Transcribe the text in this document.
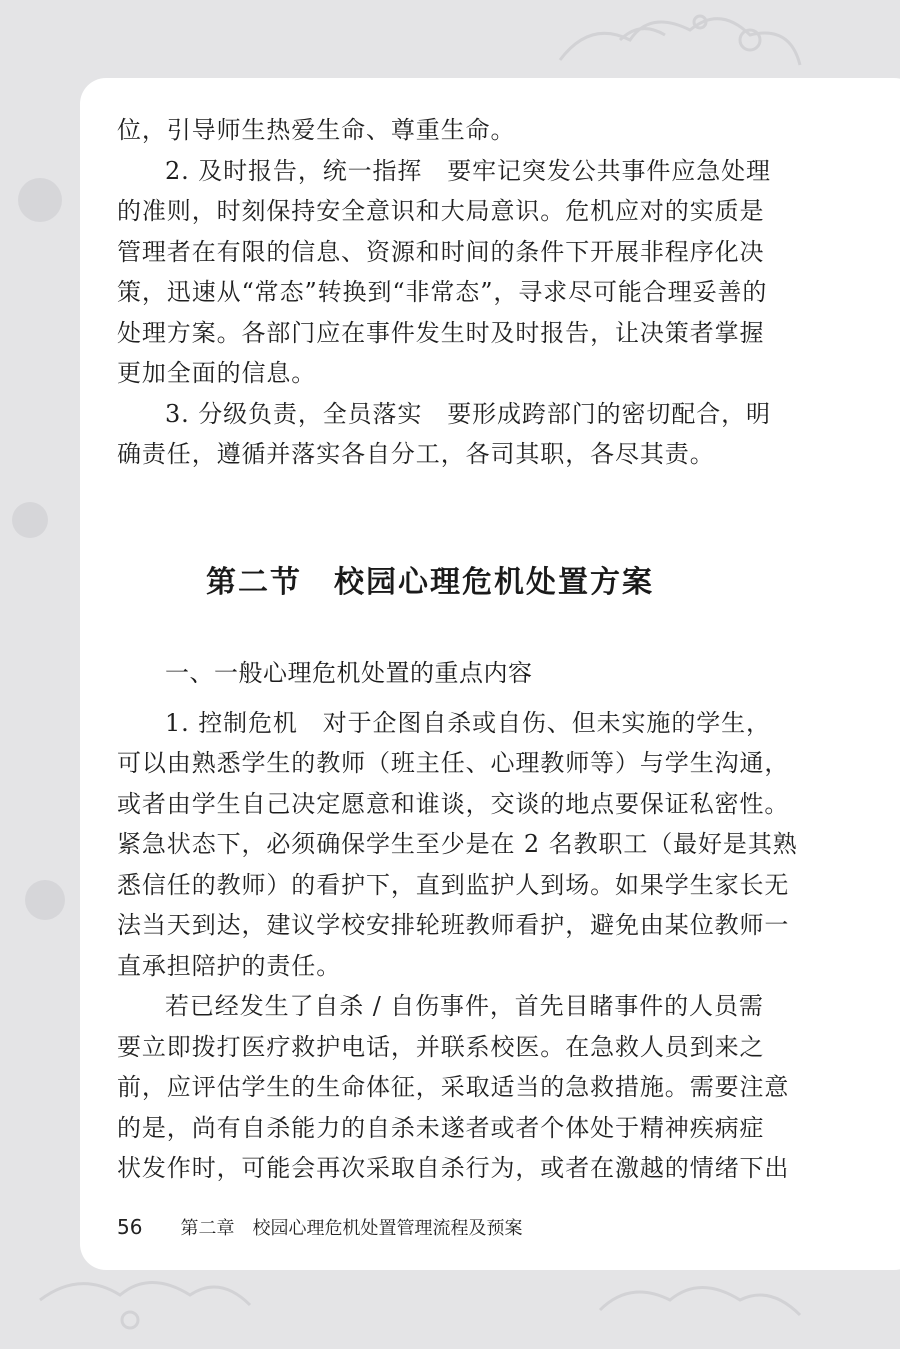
位，引导师生热爱生命、尊重生命。
2. 及时报告，统一指挥　要牢记突发公共事件应急处理
的准则，时刻保持安全意识和大局意识。危机应对的实质是
管理者在有限的信息、资源和时间的条件下开展非程序化决
策，迅速从“常态”转换到“非常态”，寻求尽可能合理妥善的
处理方案。各部门应在事件发生时及时报告，让决策者掌握
更加全面的信息。
3. 分级负责，全员落实　要形成跨部门的密切配合，明
确责任，遵循并落实各自分工，各司其职，各尽其责。
第二节　校园心理危机处置方案
一、一般心理危机处置的重点内容
1. 控制危机　对于企图自杀或自伤、但未实施的学生，
可以由熟悉学生的教师（班主任、心理教师等）与学生沟通，
或者由学生自己决定愿意和谁谈，交谈的地点要保证私密性。
紧急状态下，必须确保学生至少是在 2 名教职工（最好是其熟
悉信任的教师）的看护下，直到监护人到场。如果学生家长无
法当天到达，建议学校安排轮班教师看护，避免由某位教师一
直承担陪护的责任。
若已经发生了自杀 / 自伤事件，首先目睹事件的人员需
要立即拨打医疗救护电话，并联系校医。在急救人员到来之
前，应评估学生的生命体征，采取适当的急救措施。需要注意
的是，尚有自杀能力的自杀未遂者或者个体处于精神疾病症
状发作时，可能会再次采取自杀行为，或者在激越的情绪下出
56 第二章　校园心理危机处置管理流程及预案
